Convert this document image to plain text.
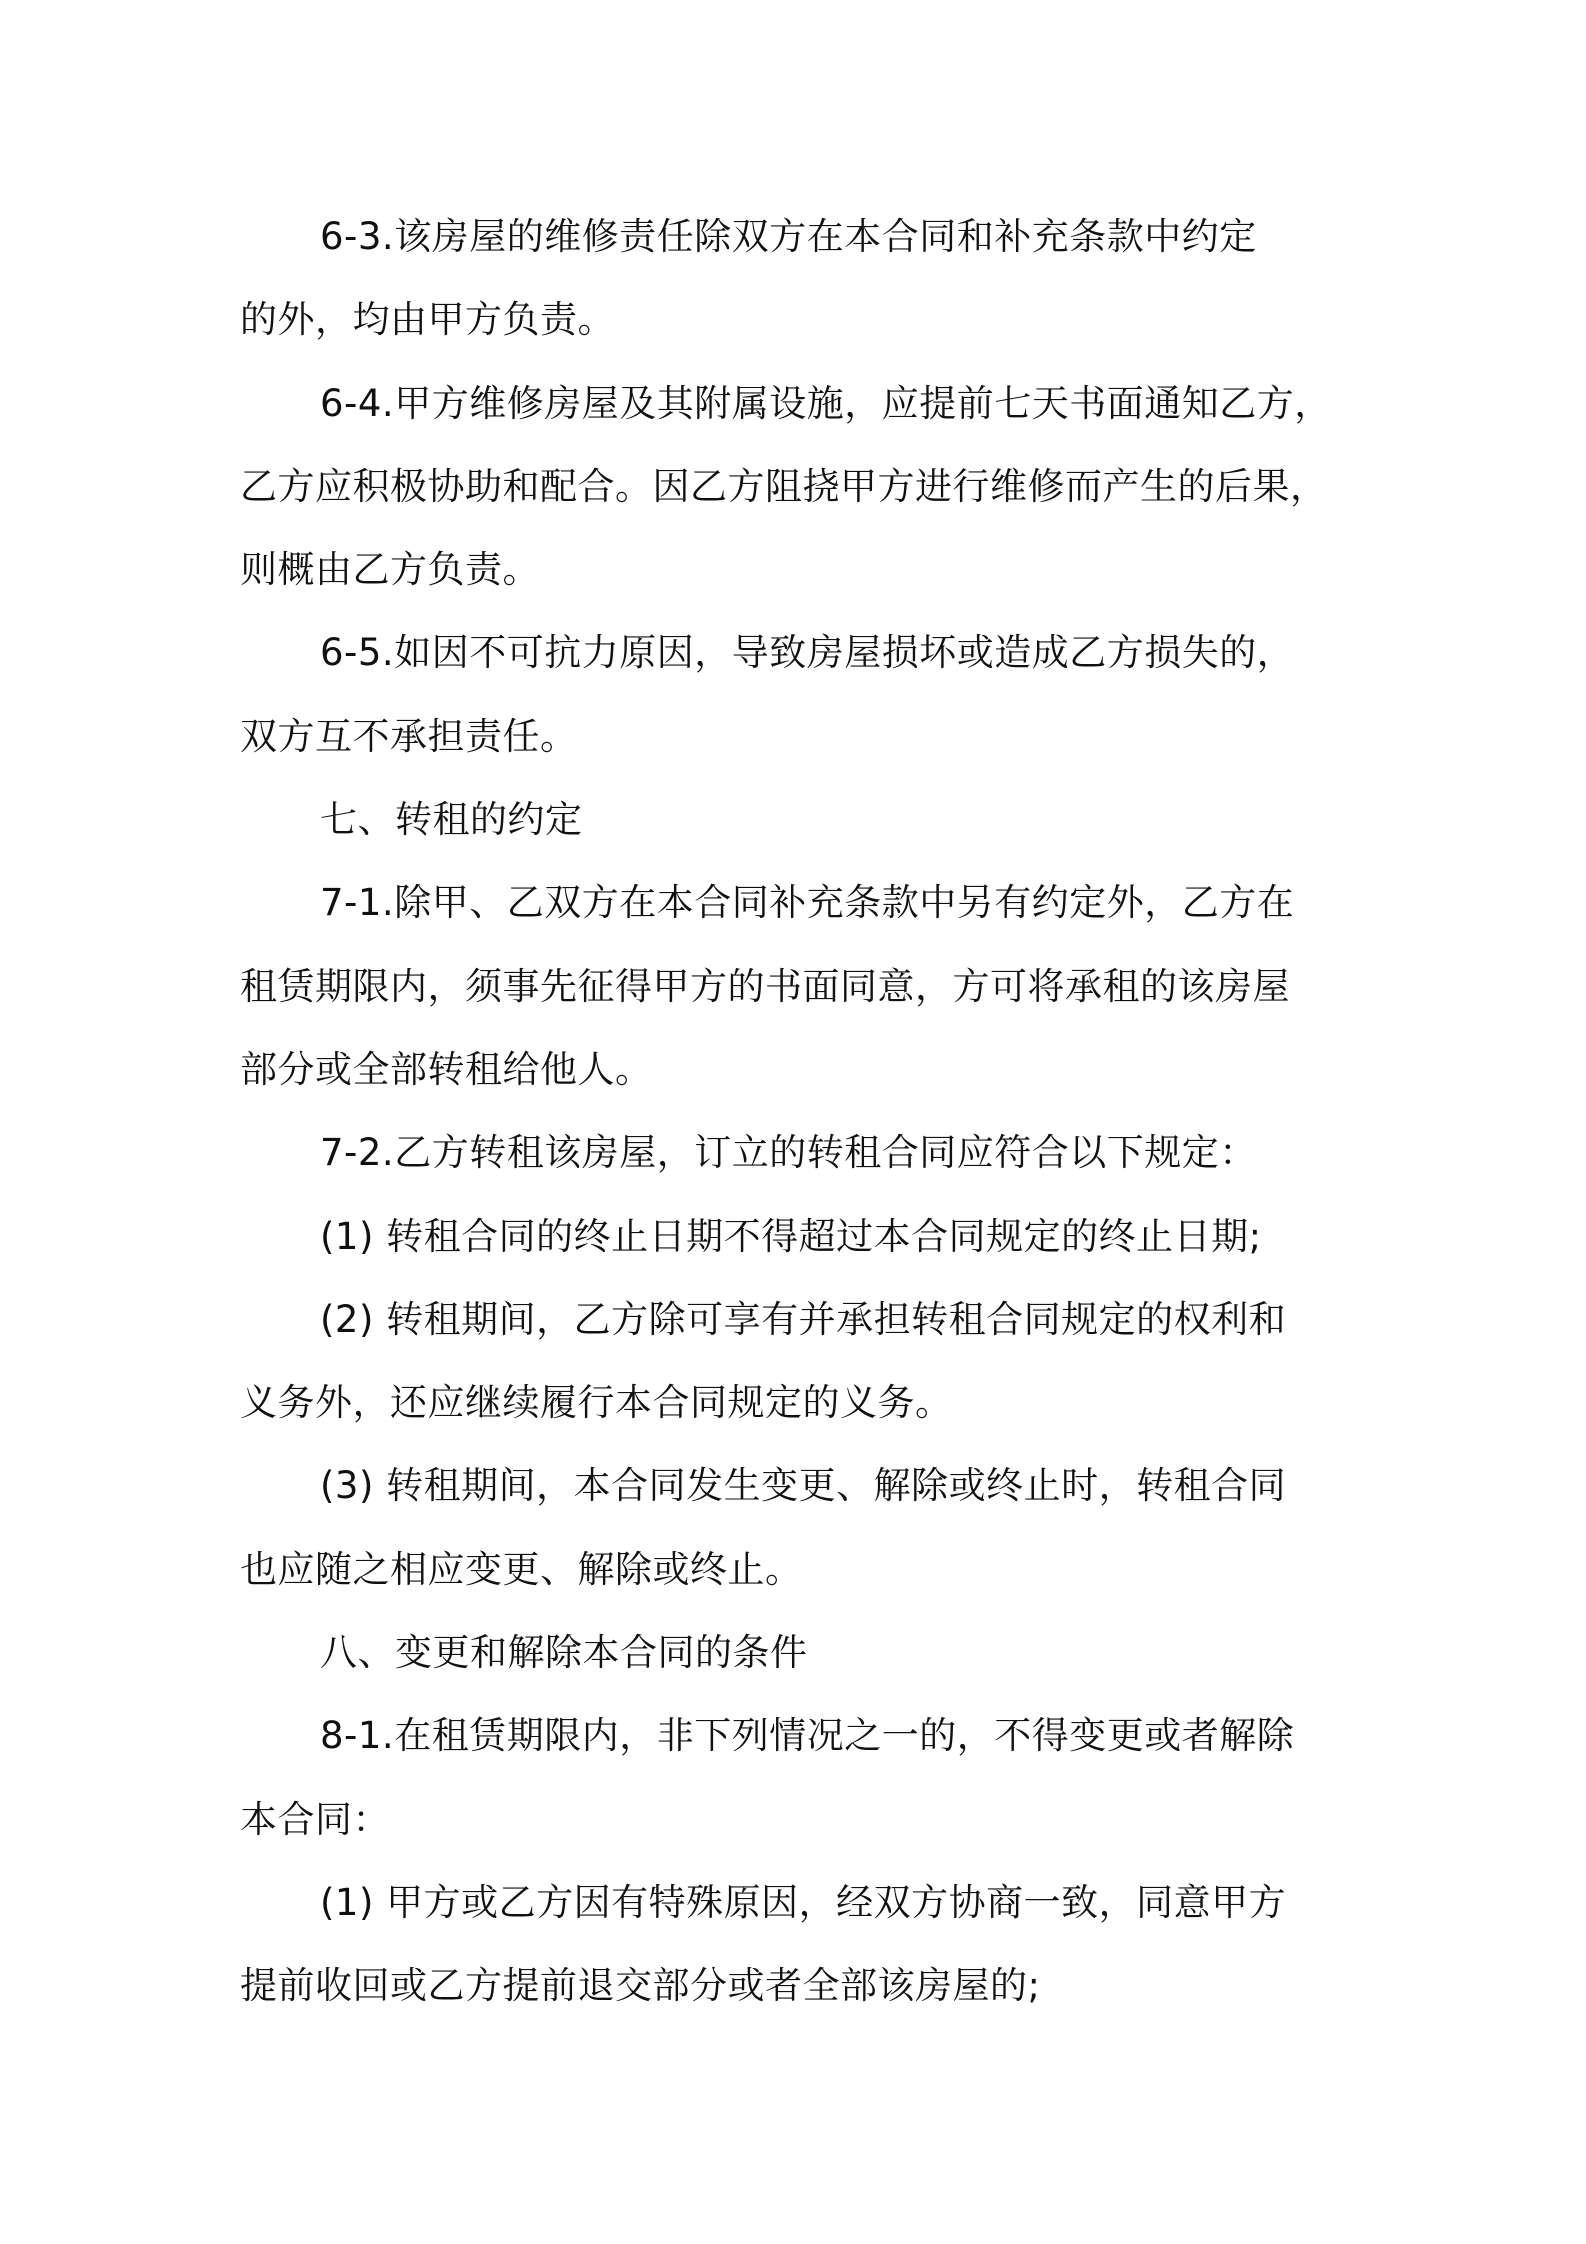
6-3.该房屋的维修责任除双方在本合同和补充条款中约定
的外，均由甲方负责。

6-4.甲方维修房屋及其附属设施，应提前七天书面通知乙方，
乙方应积极协助和配合。因乙方阻挠甲方进行维修而产生的后果，
则概由乙方负责。

6-5.如因不可抗力原因，导致房屋损坏或造成乙方损失的，
双方互不承担责任。

七、转租的约定

7-1.除甲、乙双方在本合同补充条款中另有约定外，乙方在
租赁期限内，须事先征得甲方的书面同意，方可将承租的该房屋
部分或全部转租给他人。

7-2.乙方转租该房屋，订立的转租合同应符合以下规定：

(1) 转租合同的终止日期不得超过本合同规定的终止日期;

(2) 转租期间，乙方除可享有并承担转租合同规定的权利和
义务外，还应继续履行本合同规定的义务。

(3) 转租期间，本合同发生变更、解除或终止时，转租合同
也应随之相应变更、解除或终止。

八、变更和解除本合同的条件

8-1.在租赁期限内，非下列情况之一的，不得变更或者解除
本合同：

(1) 甲方或乙方因有特殊原因，经双方协商一致，同意甲方
提前收回或乙方提前退交部分或者全部该房屋的;
